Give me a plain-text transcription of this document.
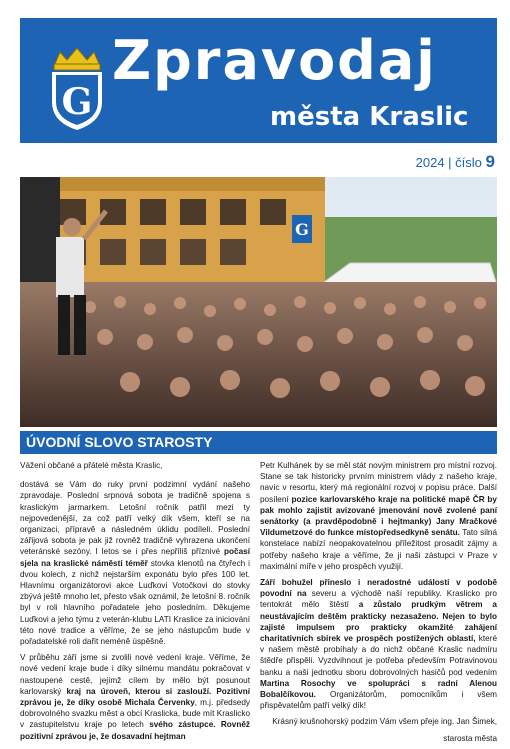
G
Zpravodaj
města Kraslic
2024 | číslo 9
G
ÚVODNÍ SLOVO STAROSTY

Vážení občané a přátelé města Kraslic,

dostává se Vám do ruky první podzimní vydání našeho zpravodaje. Poslední srpnová sobota je tradičně spojena s kraslickým jarmarkem. Letošní ročník patřil mezi ty nejpovedenější, za což patří velký dík všem, kteří se na organizaci, přípravě a následném úklidu podíleli. Poslední zářijová sobota je pak již rovněž tradičně vyhrazena ukončení veteránské sezóny. I letos se i přes nepříliš příznivé počasí sjela na kraslické náměstí téměř stovka klenotů na čtyřech i dvou kolech, z nichž nejstarším exponátu bylo přes 100 let. Hlavnímu organizátorovi akce Luďkovi Votočkovi do stovky zbývá ještě mnoho let, přesto však oznámil, že letošní 8. ročník byl v roli hlavního pořadatele jeho posledním. Děkujeme Luďkovi a jeho týmu z veterán-klubu LATI Kraslice za iniciování této nové tradice a věříme, že se jeho nástupcům bude v pořadatelské roli dařit neméně úspěšně.

V průběhu září jsme si zvolili nové vedení kraje. Věříme, že nové vedení kraje bude i díky silnému mandátu pokračovat v nastoupené cestě, jejímž cílem by mělo být posunout karlovarský kraj na úroveň, kterou si zaslouží. Pozitivní zprávou je, že díky osobě Michala Červenky, m.j. předsedy dobrovolného svazku měst a obcí Kraslicka, bude mít Kraslicko v zastupitelstvu kraje po letech svého zástupce. Rovněž pozitivní zprávou je, že dosavadní hejtman

Petr Kulhánek by se měl stát novým ministrem pro místní rozvoj. Stane se tak historicky prvním ministrem vlády z našeho kraje, navíc v resortu, který má regionální rozvoj v popisu práce. Další posílení pozice karlovarského kraje na politické mapě ČR by pak mohlo zajistit avizované jmenování nově zvolené paní senátorky (a pravděpodobně i hejtmanky) Jany Mračkové Vildumetzové do funkce místopředsedkyně senátu. Tato silná konstelace nabízí neopakovatelnou příležitost prosadit zájmy a potřeby našeho kraje a věříme, že ji naši zástupci v Praze v maximální míře v jeho prospěch využijí.

Září bohužel přineslo i neradostné události v podobě povodní na severu a východě naší republiky. Kraslicko pro tentokrát mělo štěstí a zůstalo prudkým větrem a neustávajícím deštěm prakticky nezasaženo. Nejen to bylo zajisté impulsem pro prakticky okamžité zahájení charitativních sbírek ve prospěch postižených oblastí, které v našem městě probíhaly a do nichž občané Kraslic nadmíru štědře přispěli. Vyzdvihnout je potřeba především Potravinovou banku a naši jednotku sboru dobrovolných hasičů pod vedením Martina Rosochy ve spolupráci s radní Alenou Bobalčíkovou. Organizátorům, pomocníkům i všem přispěvatelům patří velký dík!

Krásný krušnohorský podzim Vám všem přeje ing. Jan Šimek,

starosta města
